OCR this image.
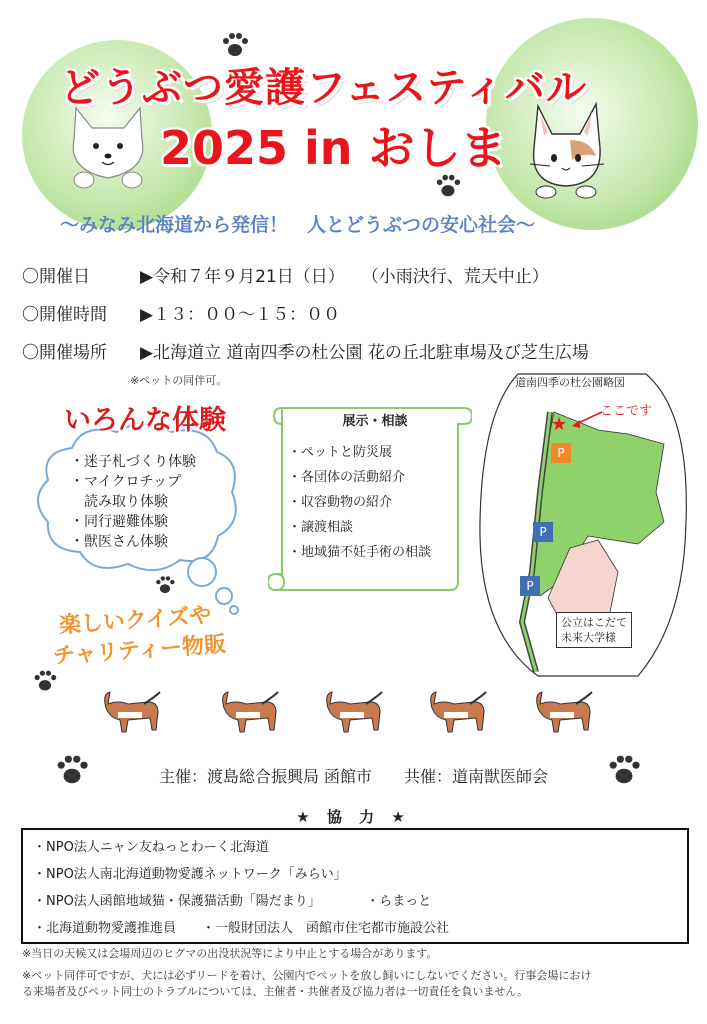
どうぶつ愛護フェスティバル
2025 in おしま
～みなみ北海道から発信！　人とどうぶつの安心社会～
〇開催日	▶令和７年９月21日（日）　　（小雨決行、荒天中止）
〇開催時間 ▶１３：００～１５：００
〇開催場所 ▶北海道立 道南四季の杜公園 花の丘北駐車場及び芝生広場
※ペットの同伴可。
いろんな体験
・迷子札づくり体験
・マイクロチップ
　読み取り体験
・同行避難体験
・獣医さん体験
楽しいクイズや
チャリティー物販
展示・相談
・ペットと防災展
・各団体の活動紹介
・収容動物の紹介
・譲渡相談
・地域猫不妊手術の相談
道南四季の杜公園略図
ここです
★
P
P
P
公立はこだて
未来大学様
主催：渡島総合振興局 函館市　　共催：道南獣医師会
★ 協 力 ★
・NPO法人ニャン友ねっとわーく北海道
・NPO法人南北海道動物愛護ネットワーク「みらい」
・NPO法人函館地域猫・保護猫活動「陽だまり」　　　　・らまっと
・北海道動物愛護推進員　　・一般財団法人　函館市住宅都市施設公社
※当日の天候又は会場周辺のヒグマの出没状況等により中止とする場合があります。
※ペット同伴可ですが、犬には必ずリードを着け、公園内でペットを放し飼いにしないでください。行事会場におけ
る来場者及びペット同士のトラブルについては、主催者・共催者及び協力者は一切責任を負いません。
